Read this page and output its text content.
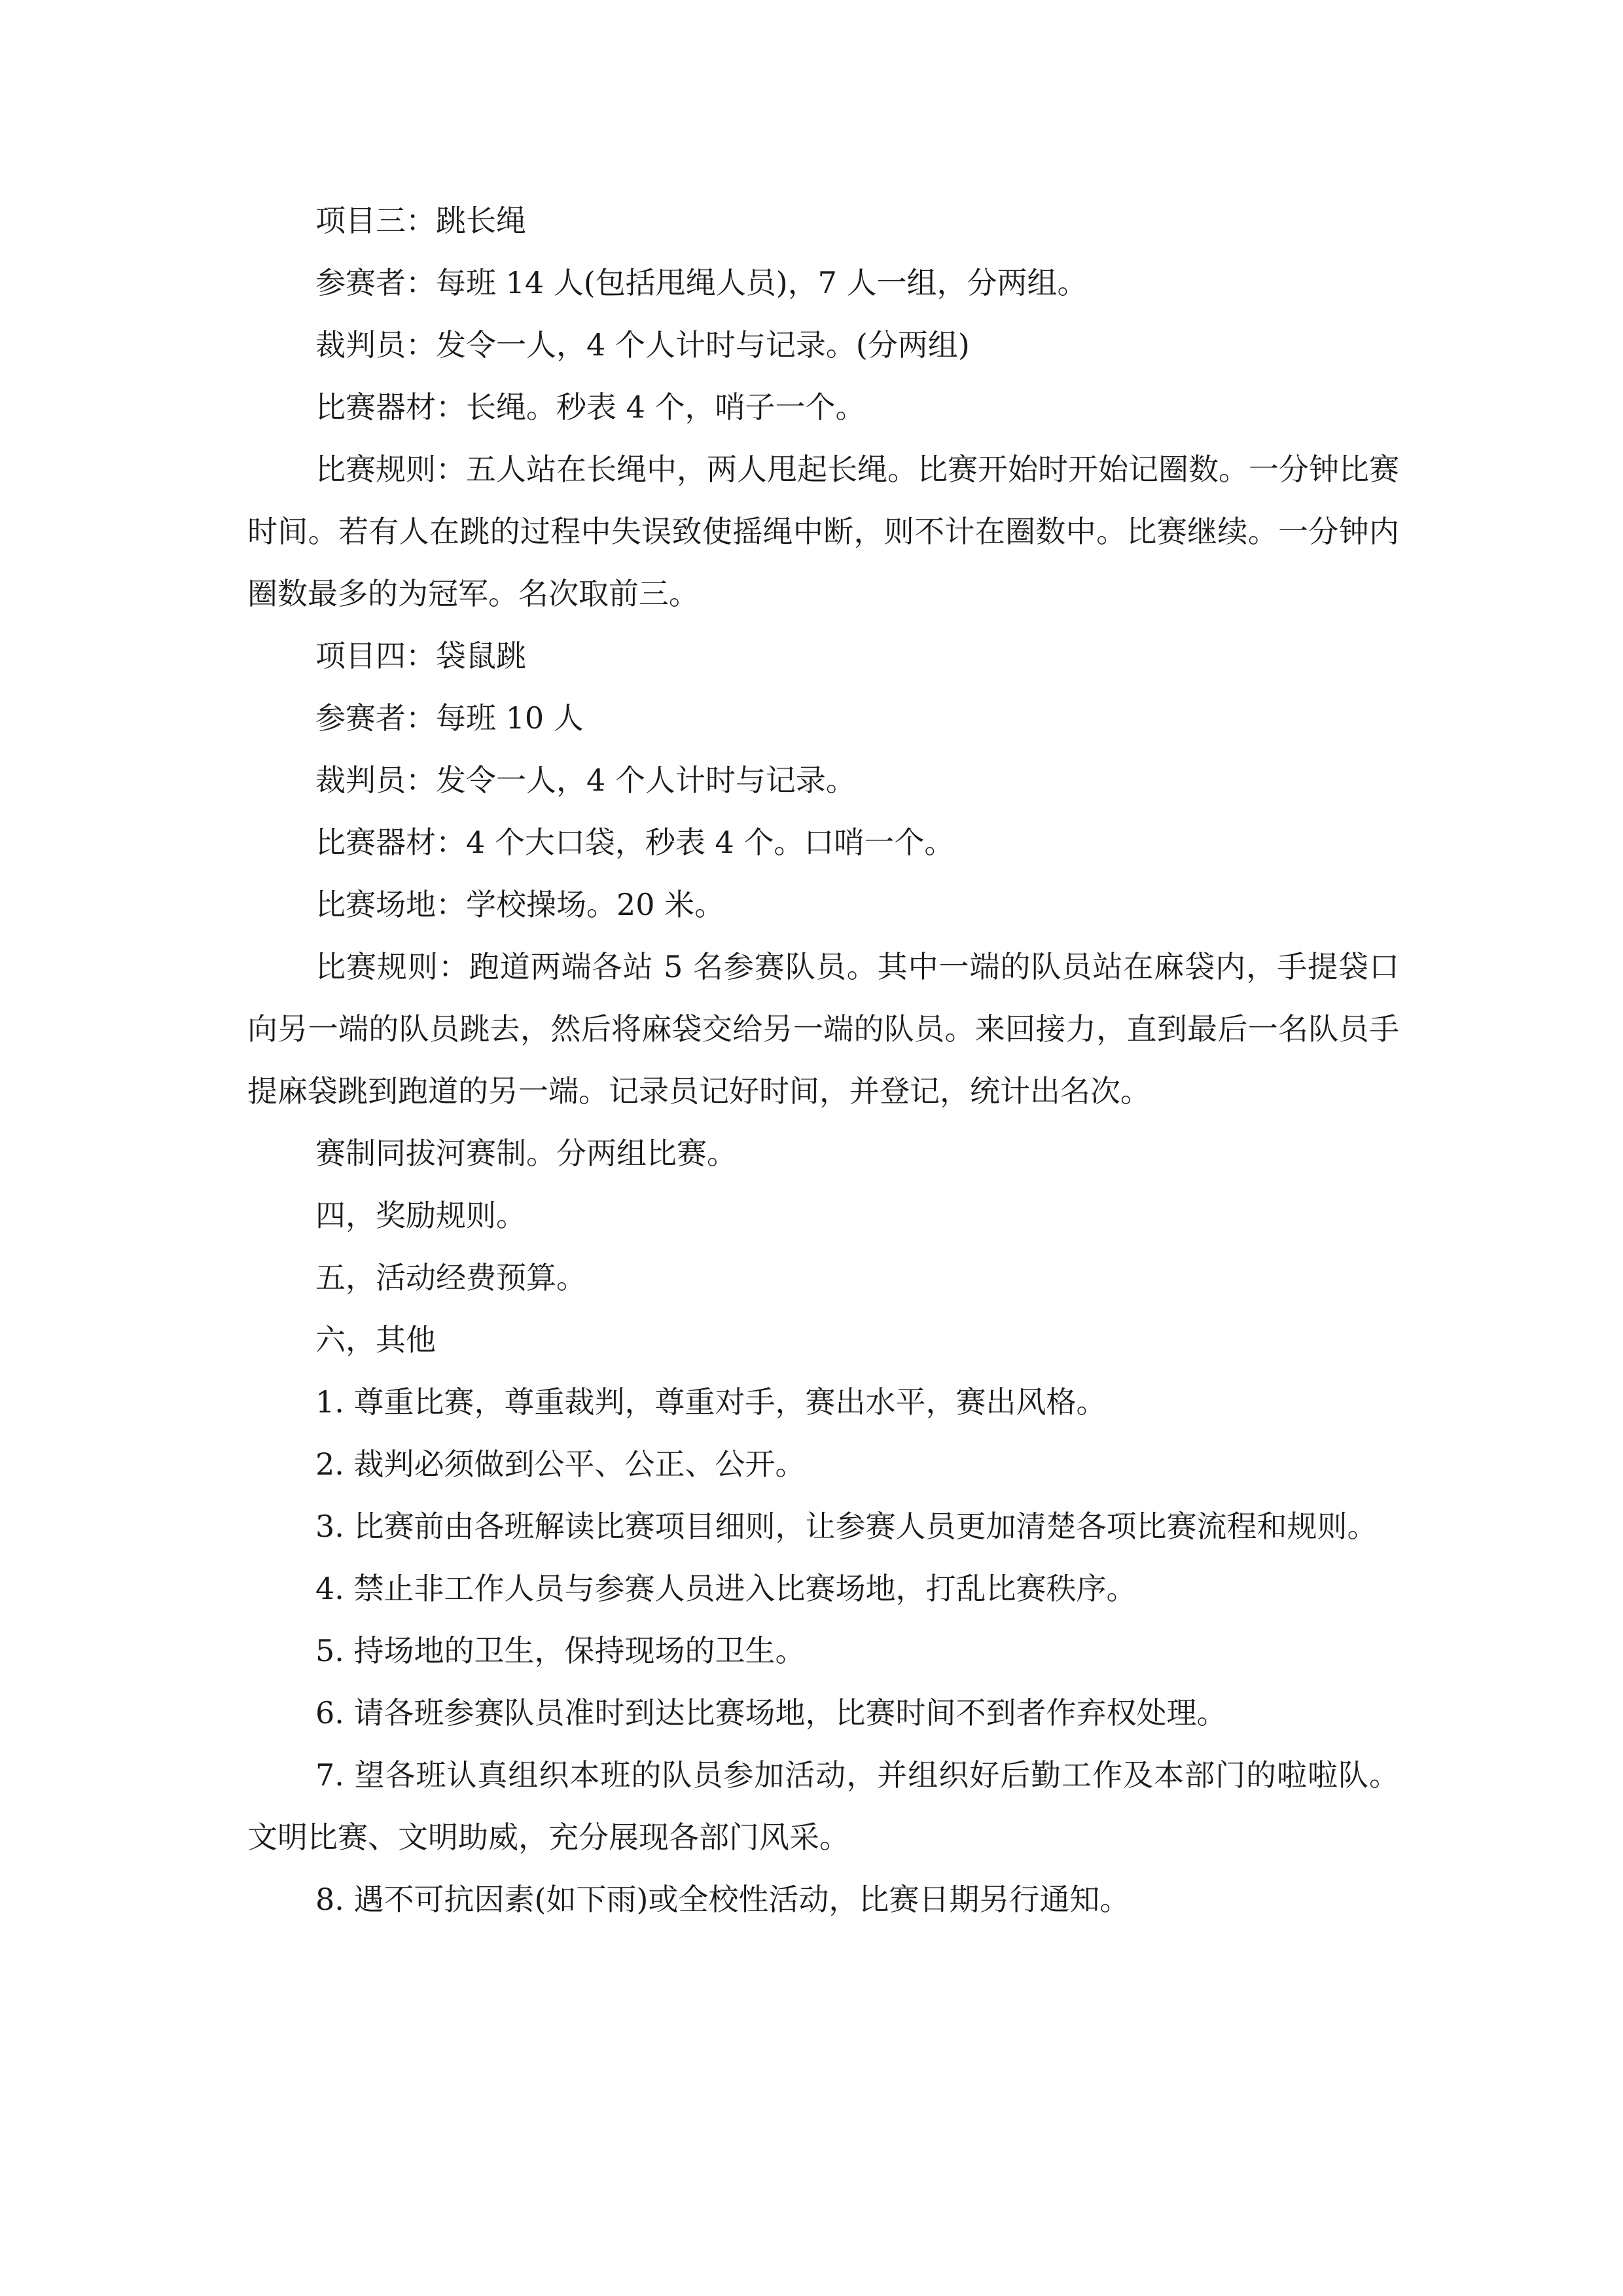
项目三：跳长绳

参赛者：每班 14 人(包括甩绳人员)，7 人一组，分两组。

裁判员：发令一人，4 个人计时与记录。(分两组)

比赛器材：长绳。秒表 4 个，哨子一个。

比赛规则：五人站在长绳中，两人甩起长绳。比赛开始时开始记圈数。一分钟比赛时间。若有人在跳的过程中失误致使摇绳中断，则不计在圈数中。比赛继续。一分钟内圈数最多的为冠军。名次取前三。

项目四：袋鼠跳

参赛者：每班 10 人

裁判员：发令一人，4 个人计时与记录。

比赛器材：4 个大口袋，秒表 4 个。口哨一个。

比赛场地：学校操场。20 米。

比赛规则：跑道两端各站 5 名参赛队员。其中一端的队员站在麻袋内，手提袋口向另一端的队员跳去，然后将麻袋交给另一端的队员。来回接力，直到最后一名队员手提麻袋跳到跑道的另一端。记录员记好时间，并登记，统计出名次。

赛制同拔河赛制。分两组比赛。

四，奖励规则。

五，活动经费预算。

六，其他

1. 尊重比赛，尊重裁判，尊重对手，赛出水平，赛出风格。

2. 裁判必须做到公平、公正、公开。

3. 比赛前由各班解读比赛项目细则，让参赛人员更加清楚各项比赛流程和规则。

4. 禁止非工作人员与参赛人员进入比赛场地，打乱比赛秩序。

5. 持场地的卫生，保持现场的卫生。

6. 请各班参赛队员准时到达比赛场地，比赛时间不到者作弃权处理。

7. 望各班认真组织本班的队员参加活动，并组织好后勤工作及本部门的啦啦队。文明比赛、文明助威，充分展现各部门风采。

8. 遇不可抗因素(如下雨)或全校性活动，比赛日期另行通知。
